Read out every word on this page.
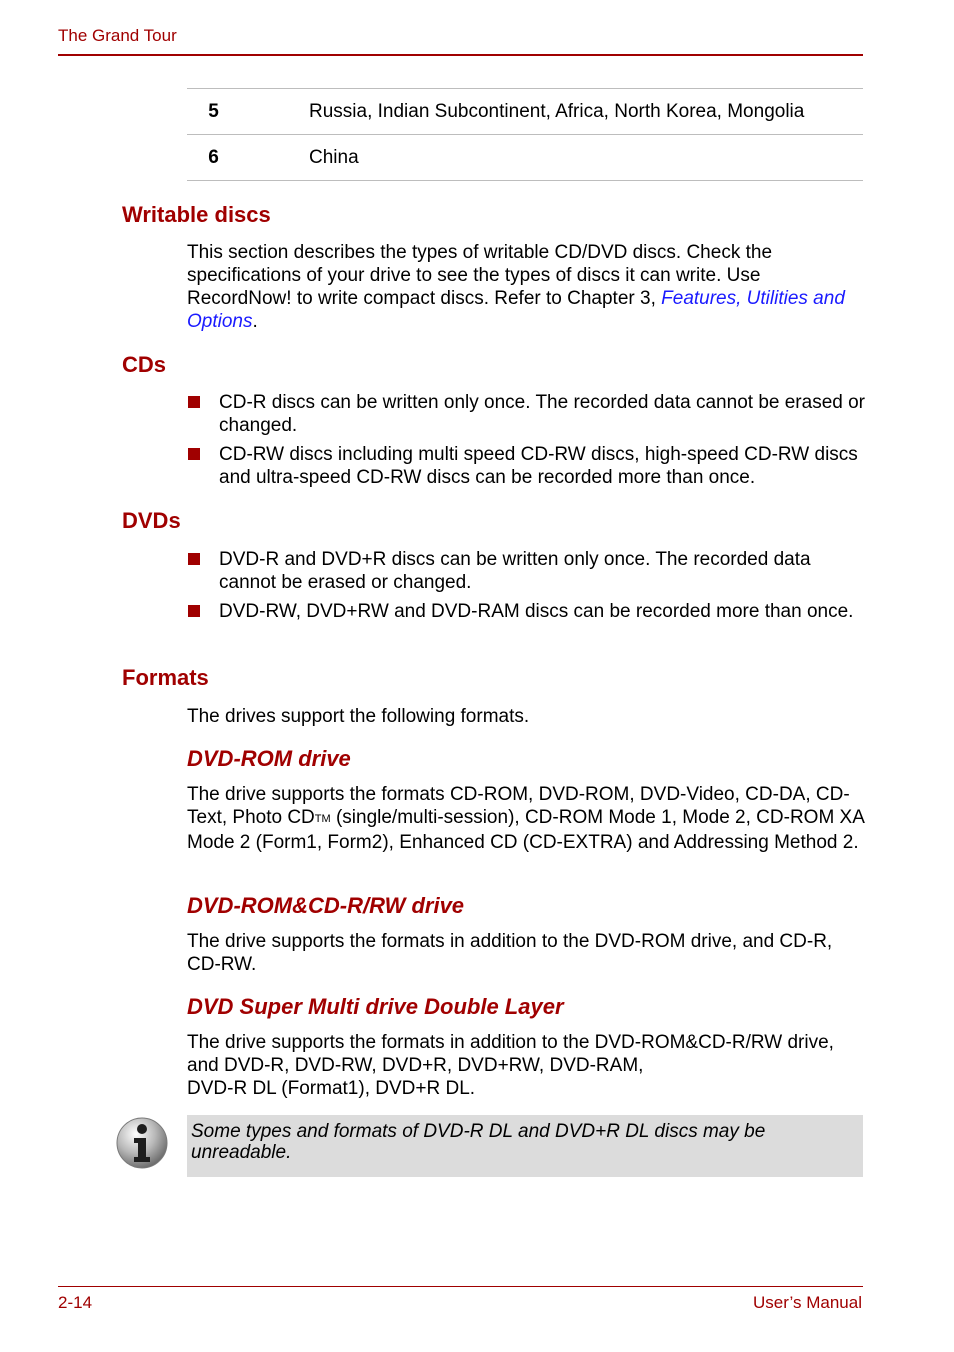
The Grand Tour
5	Russia, Indian Subcontinent, Africa, North Korea, Mongolia
6	China
Writable discs
This section describes the types of writable CD/DVD discs. Check the specifications of your drive to see the types of discs it can write. Use RecordNow! to write compact discs. Refer to Chapter 3, Features, Utilities and Options.
CDs
CD-R discs can be written only once. The recorded data cannot be erased or changed.
CD-RW discs including multi speed CD-RW discs, high-speed CD-RW discs and ultra-speed CD-RW discs can be recorded more than once.
DVDs
DVD-R and DVD+R discs can be written only once. The recorded data cannot be erased or changed.
DVD-RW, DVD+RW and DVD-RAM discs can be recorded more than once.
Formats
The drives support the following formats.
DVD-ROM drive
The drive supports the formats CD-ROM, DVD-ROM, DVD-Video, CD-DA, CD-Text, Photo CD™ (single/multi-session), CD-ROM Mode 1, Mode 2, CD-ROM XA Mode 2 (Form1, Form2), Enhanced CD (CD-EXTRA) and Addressing Method 2.
DVD-ROM&CD-R/RW drive
The drive supports the formats in addition to the DVD-ROM drive, and CD-R, CD-RW.
DVD Super Multi drive Double Layer
The drive supports the formats in addition to the DVD-ROM&CD-R/RW drive, and DVD-R, DVD-RW, DVD+R, DVD+RW, DVD-RAM,
DVD-R DL (Format1), DVD+R DL.
Some types and formats of DVD-R DL and DVD+R DL discs may be unreadable.
2-14	User’s Manual
